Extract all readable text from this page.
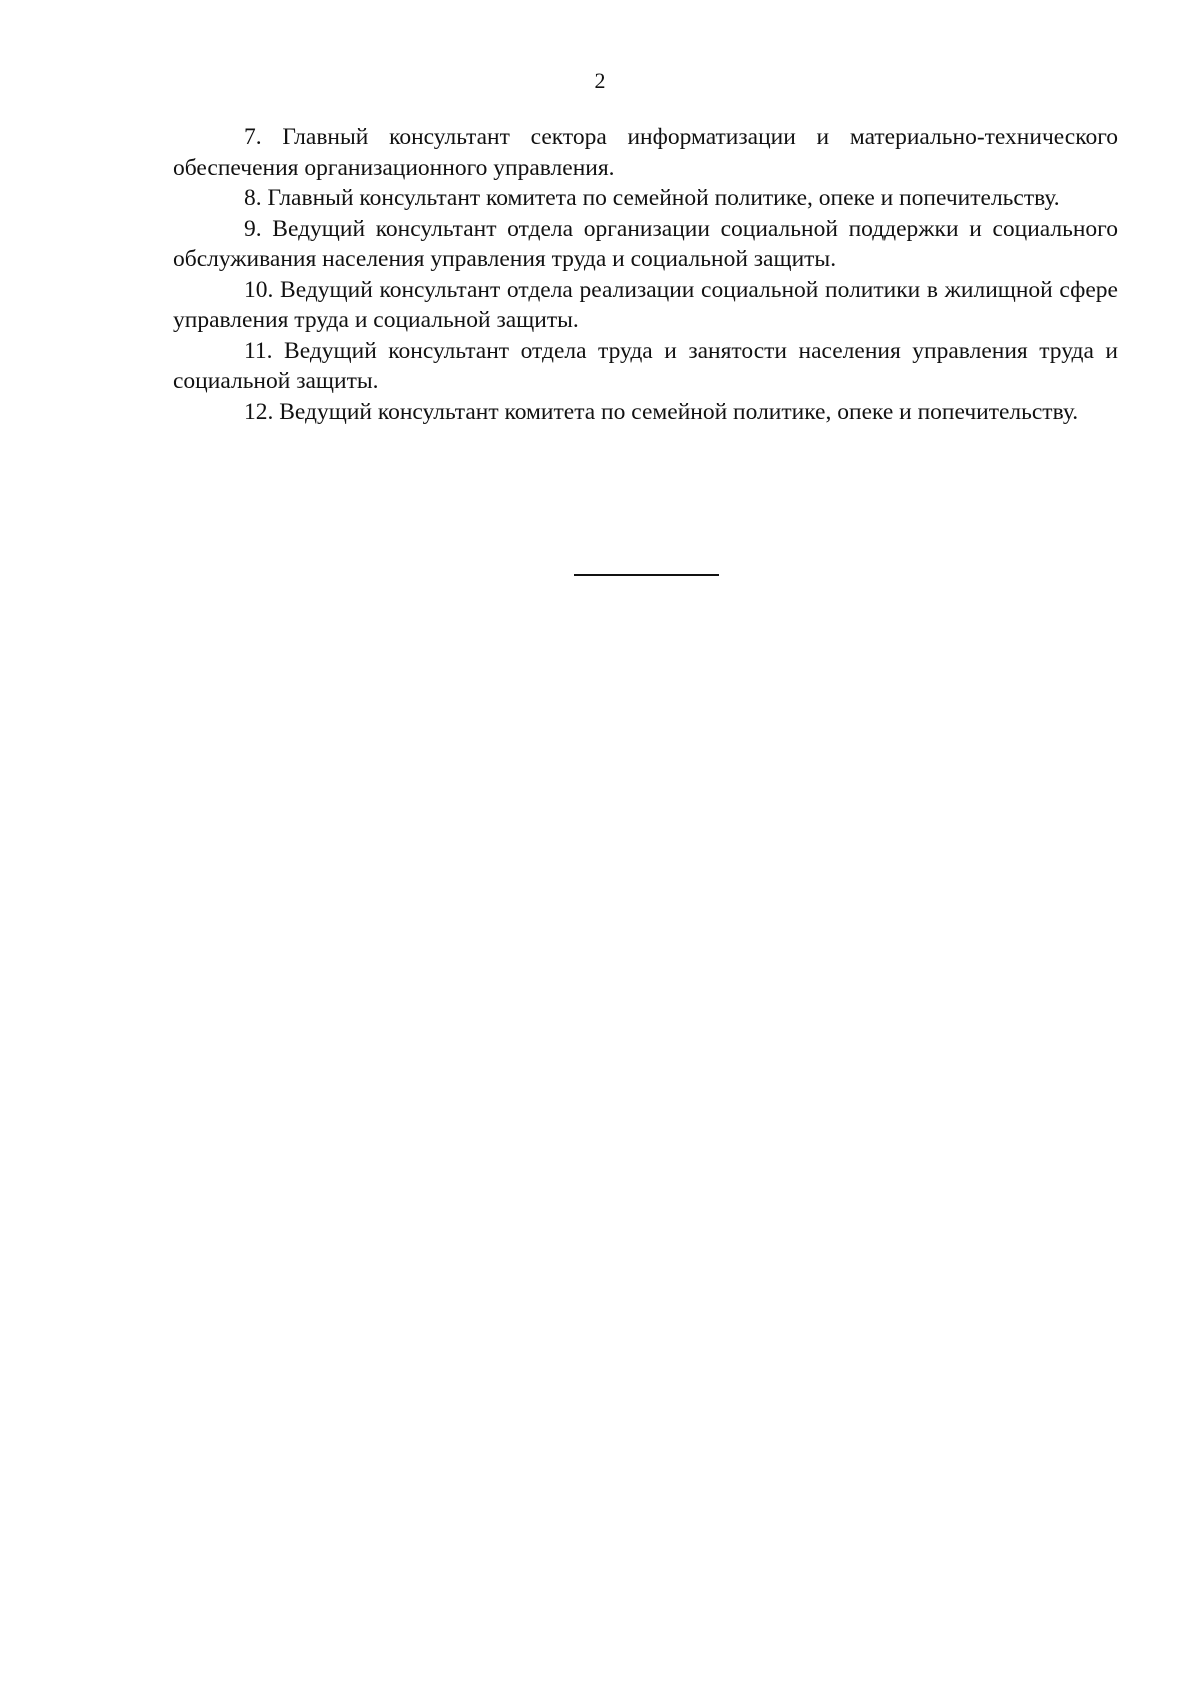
2

7. Главный консультант сектора информатизации и материально-технического обеспечения организационного управления.

8. Главный консультант комитета по семейной политике, опеке и попечительству.

9. Ведущий консультант отдела организации социальной поддержки и социального обслуживания населения управления труда и социальной защиты.

10. Ведущий консультант отдела реализации социальной политики в жилищной сфере управления труда и социальной защиты.

11. Ведущий консультант отдела труда и занятости населения управления труда и социальной защиты.

12. Ведущий консультант комитета по семейной политике, опеке и попечительству.
